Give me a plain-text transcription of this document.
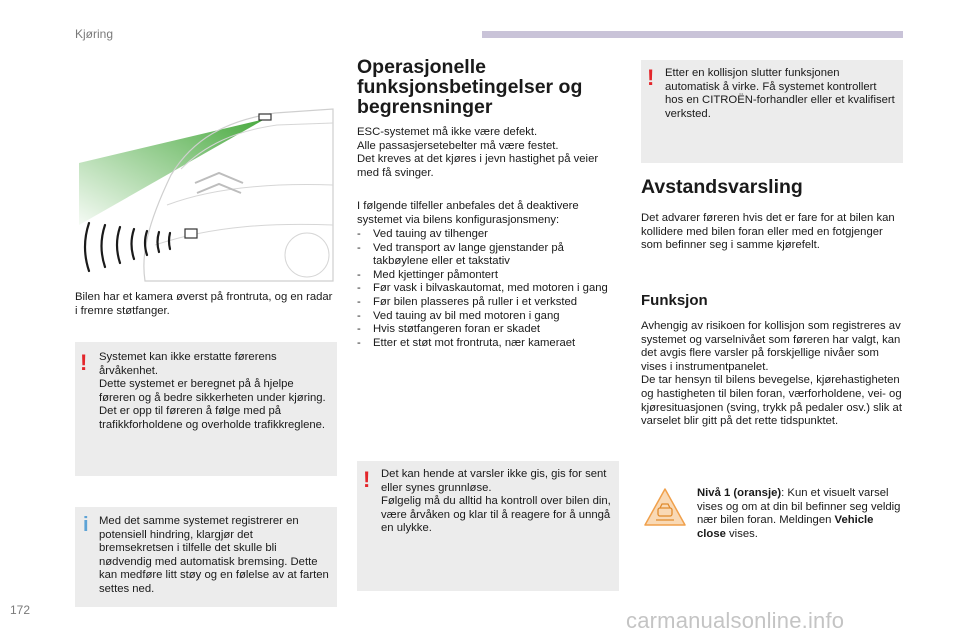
Kjøring
Bilen har et kamera øverst på frontruta, og en radar i fremre støtfanger.
! Systemet kan ikke erstatte førerens årvåkenhet.
Dette systemet er beregnet på å hjelpe føreren og å bedre sikkerheten under kjøring.
Det er opp til føreren å følge med på trafikkforholdene og overholde trafikkreglene.
i Med det samme systemet registrerer en potensiell hindring, klargjør det bremsekretsen i tilfelle det skulle bli nødvendig med automatisk bremsing. Dette kan medføre litt støy og en følelse av at farten settes ned.
Operasjonelle funksjonsbetingelser og begrensninger
ESC-systemet må ikke være defekt.
Alle passasjersetebelter må være festet.
Det kreves at det kjøres i jevn hastighet på veier med få svinger.
I følgende tilfeller anbefales det å deaktivere systemet via bilens konfigurasjonsmeny:
- Ved tauing av tilhenger
- Ved transport av lange gjenstander på takbøylene eller et takstativ
- Med kjettinger påmontert
- Før vask i bilvaskautomat, med motoren i gang
- Før bilen plasseres på ruller i et verksted
- Ved tauing av bil med motoren i gang
- Hvis støtfangeren foran er skadet
- Etter et støt mot frontruta, nær kameraet
! Det kan hende at varsler ikke gis, gis for sent eller synes grunnløse.
Følgelig må du alltid ha kontroll over bilen din, være årvåken og klar til å reagere for å unngå en ulykke.
! Etter en kollisjon slutter funksjonen automatisk å virke. Få systemet kontrollert hos en CITROËN-forhandler eller et kvalifisert verksted.
Avstandsvarsling
Det advarer føreren hvis det er fare for at bilen kan kollidere med bilen foran eller med en fotgjenger som befinner seg i samme kjørefelt.
Funksjon
Avhengig av risikoen for kollisjon som registreres av systemet og varselnivået som føreren har valgt, kan det avgis flere varsler på forskjellige nivåer som vises i instrumentpanelet.
De tar hensyn til bilens bevegelse, kjørehastigheten og hastigheten til bilen foran, værforholdene, vei- og kjøresituasjonen (sving, trykk på pedaler osv.) slik at varselet blir gitt på det rette tidspunktet.
Nivå 1 (oransje): Kun et visuelt varsel vises og om at din bil befinner seg veldig nær bilen foran. Meldingen Vehicle close vises.
172	carmanualsonline.info
